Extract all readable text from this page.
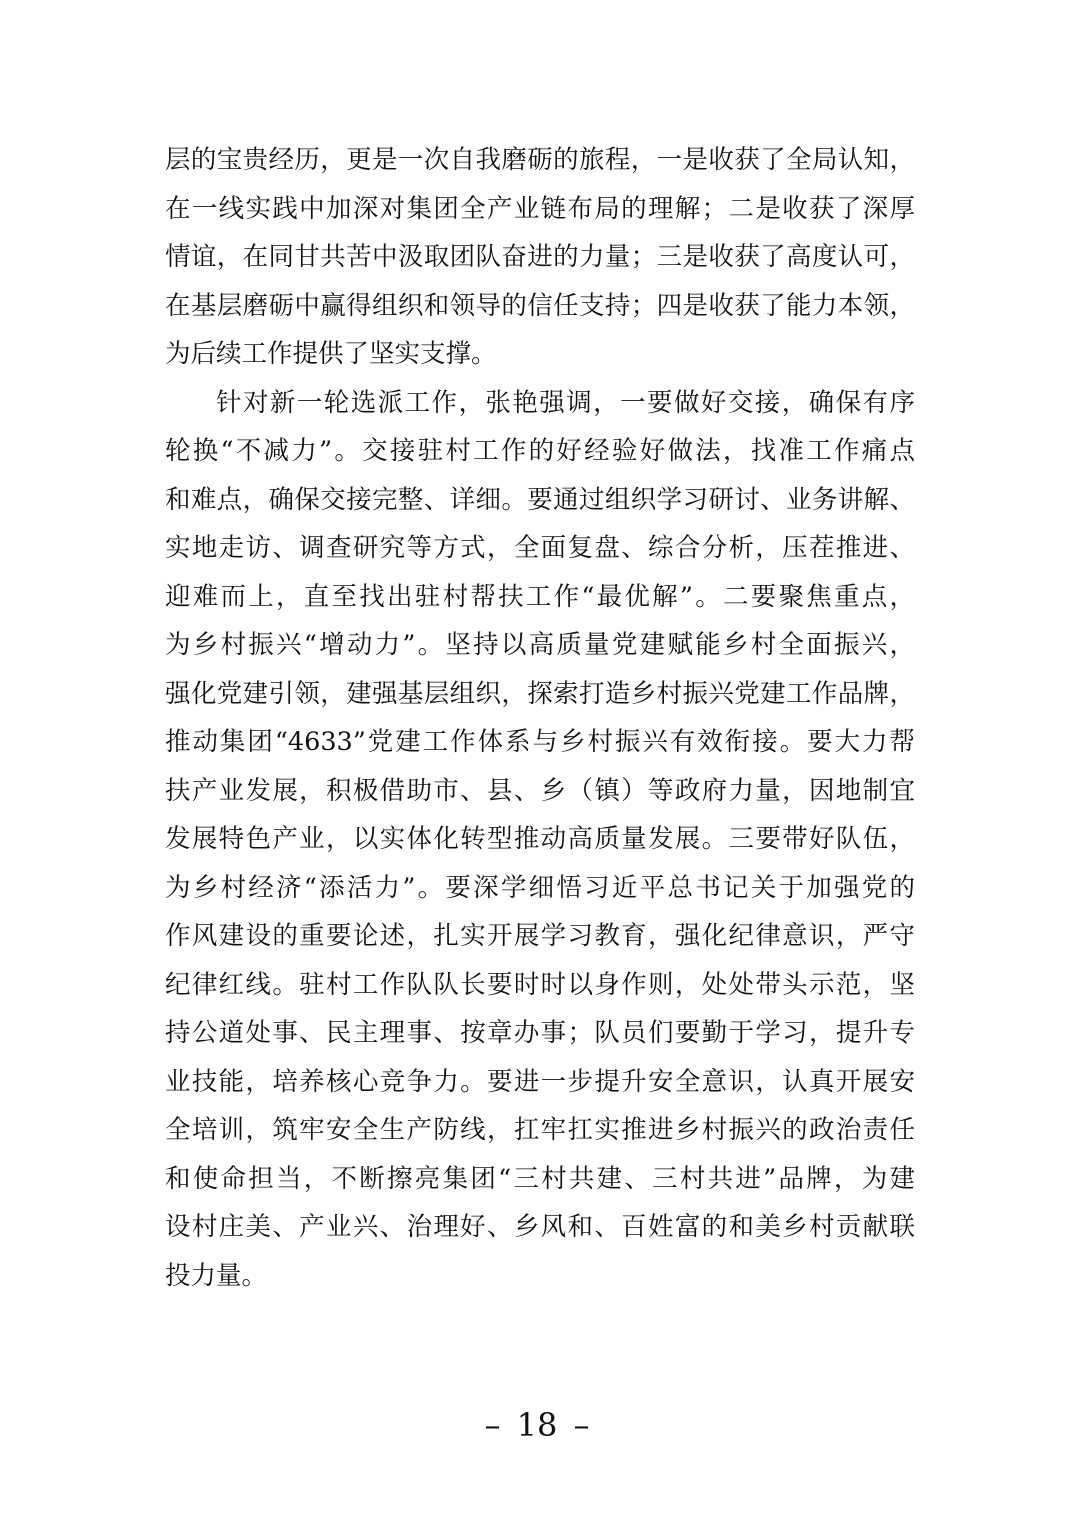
层的宝贵经历，更是一次自我磨砺的旅程，一是收获了全局认知，
在一线实践中加深对集团全产业链布局的理解；二是收获了深厚
情谊，在同甘共苦中汲取团队奋进的力量；三是收获了高度认可，
在基层磨砺中赢得组织和领导的信任支持；四是收获了能力本领，
为后续工作提供了坚实支撑。
针对新一轮选派工作，张艳强调，一要做好交接，确保有序
轮换“不减力”。交接驻村工作的好经验好做法，找准工作痛点
和难点，确保交接完整、详细。要通过组织学习研讨、业务讲解、
实地走访、调查研究等方式，全面复盘、综合分析，压茬推进、
迎难而上，直至找出驻村帮扶工作“最优解”。二要聚焦重点，
为乡村振兴“增动力”。坚持以高质量党建赋能乡村全面振兴，
强化党建引领，建强基层组织，探索打造乡村振兴党建工作品牌，
推动集团“4633”党建工作体系与乡村振兴有效衔接。要大力帮
扶产业发展，积极借助市、县、乡（镇）等政府力量，因地制宜
发展特色产业，以实体化转型推动高质量发展。三要带好队伍，
为乡村经济“添活力”。要深学细悟习近平总书记关于加强党的
作风建设的重要论述，扎实开展学习教育，强化纪律意识，严守
纪律红线。驻村工作队队长要时时以身作则，处处带头示范，坚
持公道处事、民主理事、按章办事；队员们要勤于学习，提升专
业技能，培养核心竞争力。要进一步提升安全意识，认真开展安
全培训，筑牢安全生产防线，扛牢扛实推进乡村振兴的政治责任
和使命担当，不断擦亮集团“三村共建、三村共进”品牌，为建
设村庄美、产业兴、治理好、乡风和、百姓富的和美乡村贡献联
投力量。
– 18 –
